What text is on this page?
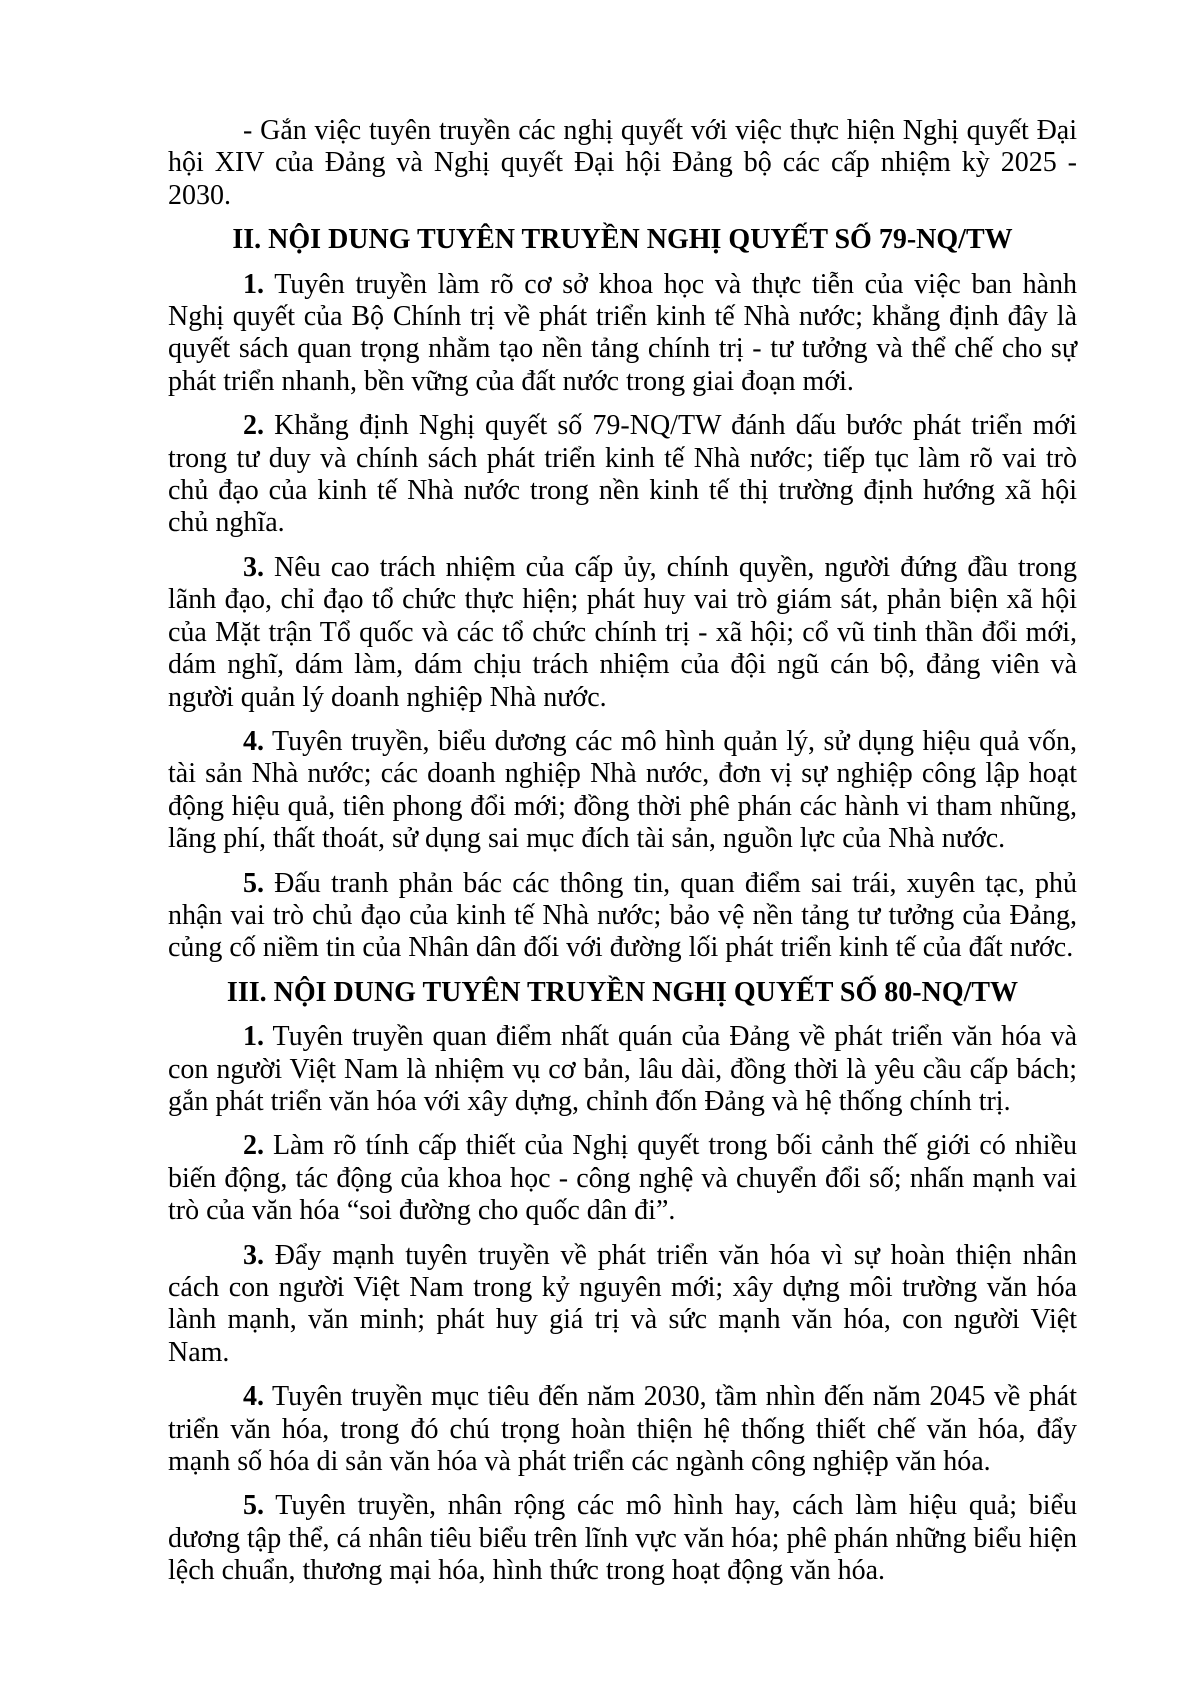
- Gắn việc tuyên truyền các nghị quyết với việc thực hiện Nghị quyết Đại hội XIV của Đảng và Nghị quyết Đại hội Đảng bộ các cấp nhiệm kỳ 2025 - 2030.

II. NỘI DUNG TUYÊN TRUYỀN NGHỊ QUYẾT SỐ 79-NQ/TW

1. Tuyên truyền làm rõ cơ sở khoa học và thực tiễn của việc ban hành Nghị quyết của Bộ Chính trị về phát triển kinh tế Nhà nước; khẳng định đây là quyết sách quan trọng nhằm tạo nền tảng chính trị - tư tưởng và thể chế cho sự phát triển nhanh, bền vững của đất nước trong giai đoạn mới.

2. Khẳng định Nghị quyết số 79-NQ/TW đánh dấu bước phát triển mới trong tư duy và chính sách phát triển kinh tế Nhà nước; tiếp tục làm rõ vai trò chủ đạo của kinh tế Nhà nước trong nền kinh tế thị trường định hướng xã hội chủ nghĩa.

3. Nêu cao trách nhiệm của cấp ủy, chính quyền, người đứng đầu trong lãnh đạo, chỉ đạo tổ chức thực hiện; phát huy vai trò giám sát, phản biện xã hội của Mặt trận Tổ quốc và các tổ chức chính trị - xã hội; cổ vũ tinh thần đổi mới, dám nghĩ, dám làm, dám chịu trách nhiệm của đội ngũ cán bộ, đảng viên và người quản lý doanh nghiệp Nhà nước.

4. Tuyên truyền, biểu dương các mô hình quản lý, sử dụng hiệu quả vốn, tài sản Nhà nước; các doanh nghiệp Nhà nước, đơn vị sự nghiệp công lập hoạt động hiệu quả, tiên phong đổi mới; đồng thời phê phán các hành vi tham nhũng, lãng phí, thất thoát, sử dụng sai mục đích tài sản, nguồn lực của Nhà nước.

5. Đấu tranh phản bác các thông tin, quan điểm sai trái, xuyên tạc, phủ nhận vai trò chủ đạo của kinh tế Nhà nước; bảo vệ nền tảng tư tưởng của Đảng, củng cố niềm tin của Nhân dân đối với đường lối phát triển kinh tế của đất nước.

III. NỘI DUNG TUYÊN TRUYỀN NGHỊ QUYẾT SỐ 80-NQ/TW

1. Tuyên truyền quan điểm nhất quán của Đảng về phát triển văn hóa và con người Việt Nam là nhiệm vụ cơ bản, lâu dài, đồng thời là yêu cầu cấp bách; gắn phát triển văn hóa với xây dựng, chỉnh đốn Đảng và hệ thống chính trị.

2. Làm rõ tính cấp thiết của Nghị quyết trong bối cảnh thế giới có nhiều biến động, tác động của khoa học - công nghệ và chuyển đổi số; nhấn mạnh vai trò của văn hóa “soi đường cho quốc dân đi”.

3. Đẩy mạnh tuyên truyền về phát triển văn hóa vì sự hoàn thiện nhân cách con người Việt Nam trong kỷ nguyên mới; xây dựng môi trường văn hóa lành mạnh, văn minh; phát huy giá trị và sức mạnh văn hóa, con người Việt Nam.

4. Tuyên truyền mục tiêu đến năm 2030, tầm nhìn đến năm 2045 về phát triển văn hóa, trong đó chú trọng hoàn thiện hệ thống thiết chế văn hóa, đẩy mạnh số hóa di sản văn hóa và phát triển các ngành công nghiệp văn hóa.

5. Tuyên truyền, nhân rộng các mô hình hay, cách làm hiệu quả; biểu dương tập thể, cá nhân tiêu biểu trên lĩnh vực văn hóa; phê phán những biểu hiện lệch chuẩn, thương mại hóa, hình thức trong hoạt động văn hóa.
